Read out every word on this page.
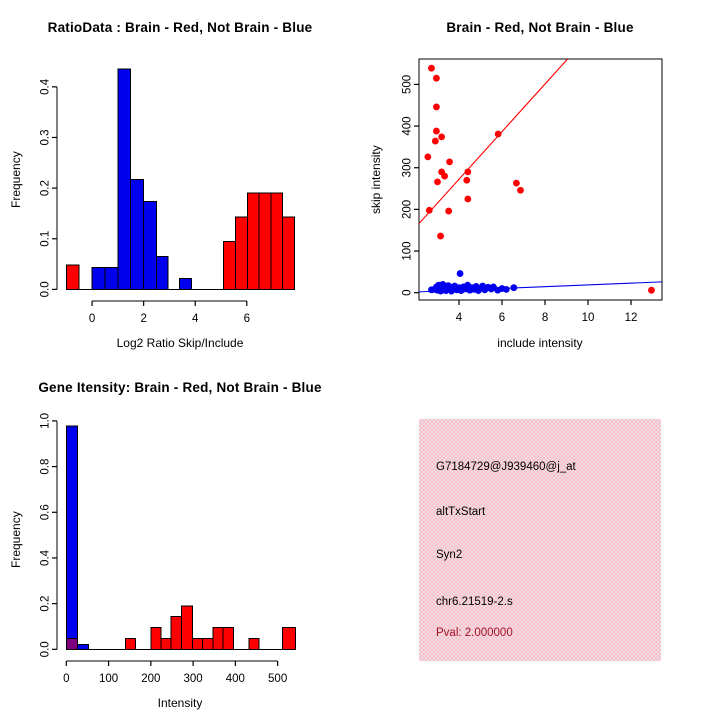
0	2	4	6
0.0
0.1
0.2
0.3
0.4
RatioData : Brain - Red, Not Brain - Blue
Log2 Ratio Skip/Include
Frequency
4	6	8	10	12
0
100
200
300
400
500
Brain - Red, Not Brain - Blue
include intensity
skip intensity
0	100 200 300 400 500
0.0
0.2
0.4
0.6
0.8
1.0
Gene Itensity: Brain - Red, Not Brain - Blue
Intensity
Frequency
G7184729@J939460@j_at
altTxStart
Syn2
chr6.21519-2.s
Pval: 2.000000
